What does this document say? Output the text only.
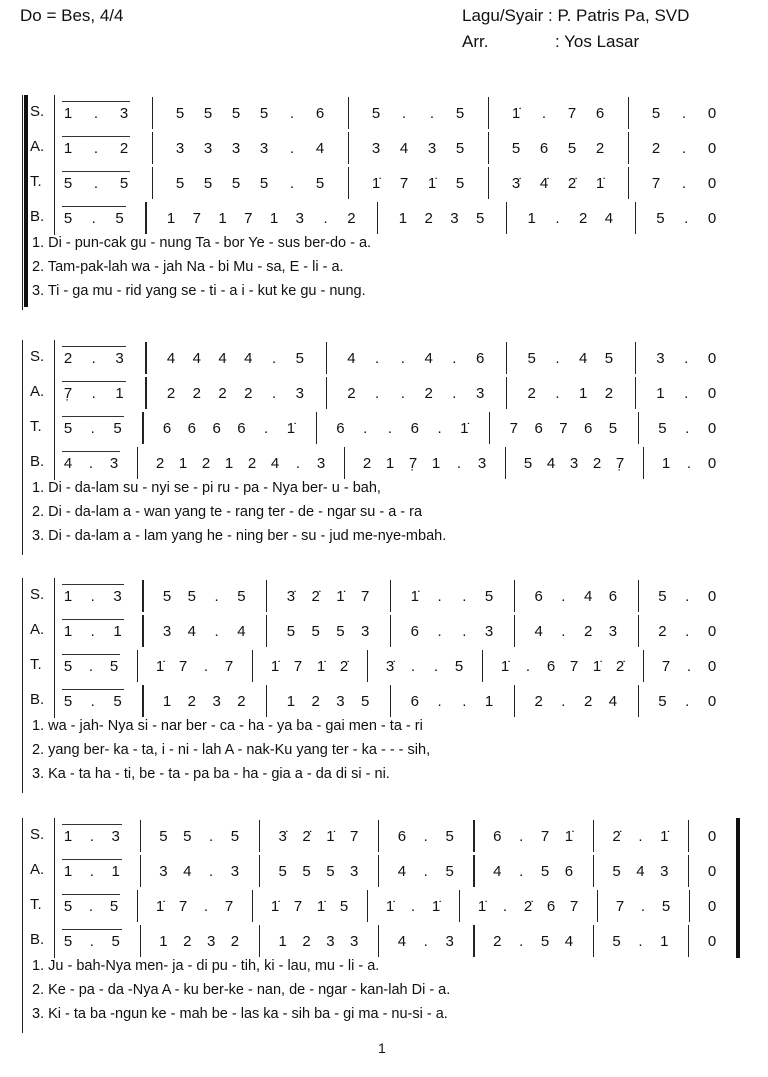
Do = Bes, 4/4	Lagu/Syair : P. Patris Pa, SVD
Arr.	: Yos Lasar
S. 1 . 3	5 5 5 5 . 6	5 . . 5	1̇ . 7 6	5 . 0
A. 1 . 2	3 3 3 3 . 4	3 4 3 5	5 6 5 2	2 . 0
T. 5 . 5	5 5 5 5 . 5	1̇ 7 1̇ 5	3̇ 4̇ 2̇ 1̇	7 . 0
B. 5 . 5	1 7 1 7 1 3 . 2	1 2 3 5	1 . 2 4	5 . 0
1. Di - pun-cak gu - nung Ta - bor Ye - sus ber-do - a.
2. Tam-pak-lah wa - jah Na - bi Mu - sa, E - li - a.
3. Ti - ga mu - rid yang se - ti - a i - kut ke gu - nung.
S. 2 . 3	4 4 4 4 . 5	4 . . 4 . 6	5 . 4 5	3 . 0
A. 7̣ . 1	2 2 2 2 . 3	2 . . 2 . 3	2 . 1 2	1 . 0
T. 5 . 5	6 6 6 6 . 1̇	6 . . 6 . 1̇	7 6 7 6 5	5 . 0
B. 4 . 3	2 1 2 1 2 4 . 3	2 1 7̣ 1 . 3	5 4 3 2 7̣	1 . 0
1. Di - da-lam su - nyi se - pi ru - pa - Nya ber- u - bah,
2. Di - da-lam a - wan yang te - rang ter - de - ngar su - a - ra
3. Di - da-lam a - lam yang he - ning ber - su - jud me-nye-mbah.
S. 1 . 3	5 5 . 5	3̇ 2̇ 1̇ 7	1̇ . . 5	6 . 4 6	5 . 0
A. 1 . 1	3 4 . 4	5 5 5 3	6 . . 3	4 . 2 3	2 . 0
T. 5 . 5	1̇ 7 . 7	1̇ 7 1̇ 2̇	3̇ . . 5	1̇ . 6 7 1̇ 2̇	7 . 0
B. 5 . 5	1 2 3 2	1 2 3 5	6 . . 1	2 . 2 4	5 . 0
1. wa - jah- Nya si - nar ber - ca - ha - ya ba - gai men - ta - ri
2. yang ber- ka - ta, i - ni - lah A - nak-Ku yang ter - ka - - - sih,
3. Ka - ta ha - ti, be - ta - pa ba - ha - gia a - da di si - ni.
S. 1 . 3	5 5 . 5	3̇ 2̇ 1̇ 7	6 . 5	6 . 7 1̇	2̇ . 1̇	0
A. 1 . 1	3 4 . 3	5 5 5 3	4 . 5	4 . 5 6	5 4 3	0
T. 5 . 5	1̇ 7 . 7	1̇ 7 1̇ 5	1̇ . 1̇	1̇ . 2̇ 6 7	7 . 5	0
B. 5 . 5	1 2 3 2	1 2 3 3	4 . 3	2 . 5 4	5 . 1	0
1. Ju - bah-Nya men- ja - di pu - tih, ki - lau, mu - li - a.
2. Ke - pa - da -Nya A - ku ber-ke - nan, de - ngar - kan-lah Di - a.
3. Ki - ta ba -ngun ke - mah be - las ka - sih ba - gi ma - nu-si - a.
1
